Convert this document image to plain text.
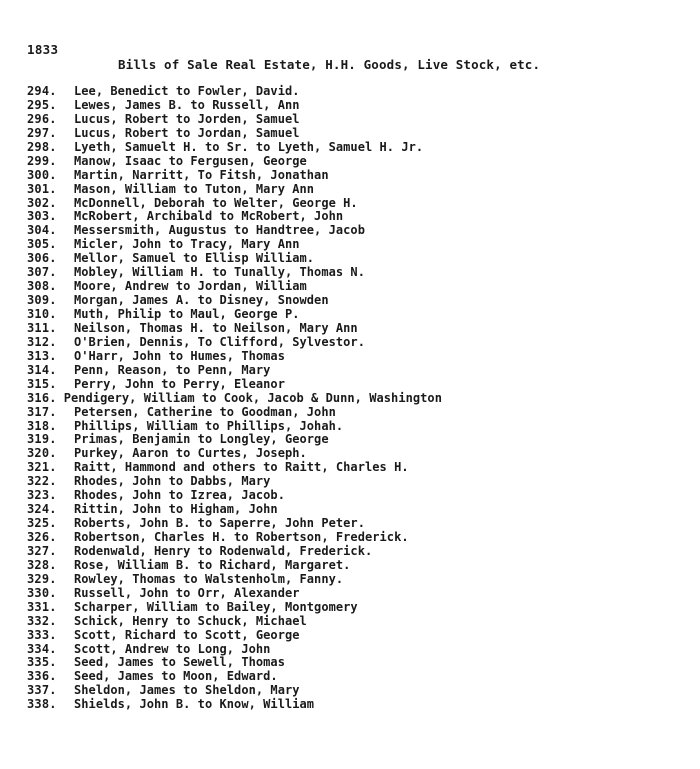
1833
Bills of Sale Real Estate, H.H. Goods, Live Stock, etc.
294. Lee, Benedict to Fowler, David.
295. Lewes, James B. to Russell, Ann
296. Lucus, Robert to Jorden, Samuel
297. Lucus, Robert to Jordan, Samuel
298. Lyeth, Samuelt H. to Sr. to Lyeth, Samuel H. Jr.
299. Manow, Isaac to Fergusen, George
300. Martin, Narritt, To Fitsh, Jonathan
301. Mason, William to Tuton, Mary Ann
302. McDonnell, Deborah to Welter, George H.
303. McRobert, Archibald to McRobert, John
304. Messersmith, Augustus to Handtree, Jacob
305. Micler, John to Tracy, Mary Ann
306. Mellor, Samuel to Ellisp William.
307. Mobley, William H. to Tunally, Thomas N.
308. Moore, Andrew to Jordan, William
309. Morgan, James A. to Disney, Snowden
310. Muth, Philip to Maul, George P.
311. Neilson, Thomas H. to Neilson, Mary Ann
312. O'Brien, Dennis, To Clifford, Sylvestor.
313. O'Harr, John to Humes, Thomas
314. Penn, Reason, to Penn, Mary
315. Perry, John to Perry, Eleanor
316. Pendigery, William to Cook, Jacob & Dunn, Washington
317. Petersen, Catherine to Goodman, John
318. Phillips, William to Phillips, Johah.
319. Primas, Benjamin to Longley, George
320. Purkey, Aaron to Curtes, Joseph.
321. Raitt, Hammond and others to Raitt, Charles H.
322. Rhodes, John to Dabbs, Mary
323. Rhodes, John to Izrea, Jacob.
324. Rittin, John to Higham, John
325. Roberts, John B. to Saperre, John Peter.
326. Robertson, Charles H. to Robertson, Frederick.
327. Rodenwald, Henry to Rodenwald, Frederick.
328. Rose, William B. to Richard, Margaret.
329. Rowley, Thomas to Walstenholm, Fanny.
330. Russell, John to Orr, Alexander
331. Scharper, William to Bailey, Montgomery
332. Schick, Henry to Schuck, Michael
333. Scott, Richard to Scott, George
334. Scott, Andrew to Long, John
335. Seed, James to Sewell, Thomas
336. Seed, James to Moon, Edward.
337. Sheldon, James to Sheldon, Mary
338. Shields, John B. to Know, William
